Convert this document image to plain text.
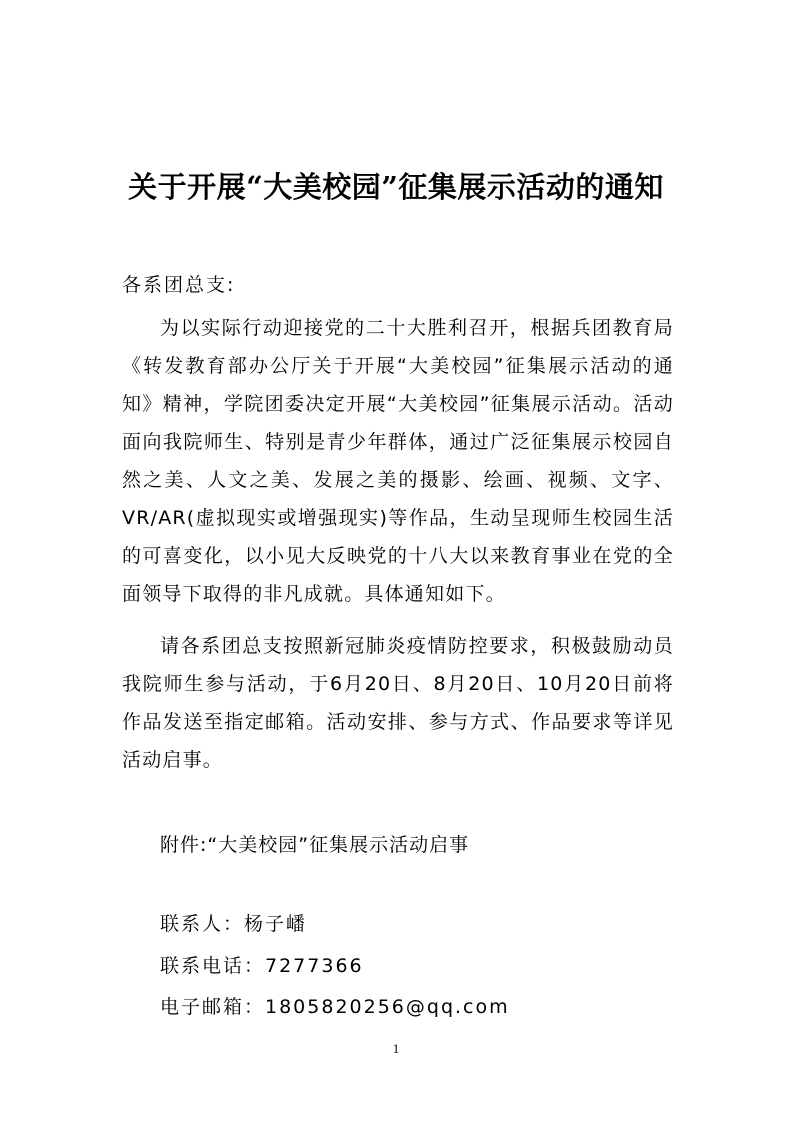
关于开展“大美校园”征集展示活动的通知

各系团总支:

为以实际行动迎接党的二十大胜利召开，根据兵团教育局《转发教育部办公厅关于开展“大美校园”征集展示活动的通知》精神，学院团委决定开展“大美校园”征集展示活动。活动面向我院师生、特别是青少年群体，通过广泛征集展示校园自然之美、人文之美、发展之美的摄影、绘画、视频、文字、VR/AR(虚拟现实或增强现实)等作品，生动呈现师生校园生活的可喜变化，以小见大反映党的十八大以来教育事业在党的全面领导下取得的非凡成就。具体通知如下。

请各系团总支按照新冠肺炎疫情防控要求，积极鼓励动员我院师生参与活动，于6月20日、8月20日、10月20日前将作品发送至指定邮箱。活动安排、参与方式、作品要求等详见活动启事。

附件:“大美校园”征集展示活动启事

联系人：杨子嶓

联系电话：7277366

电子邮箱：1805820256@qq.com

1
